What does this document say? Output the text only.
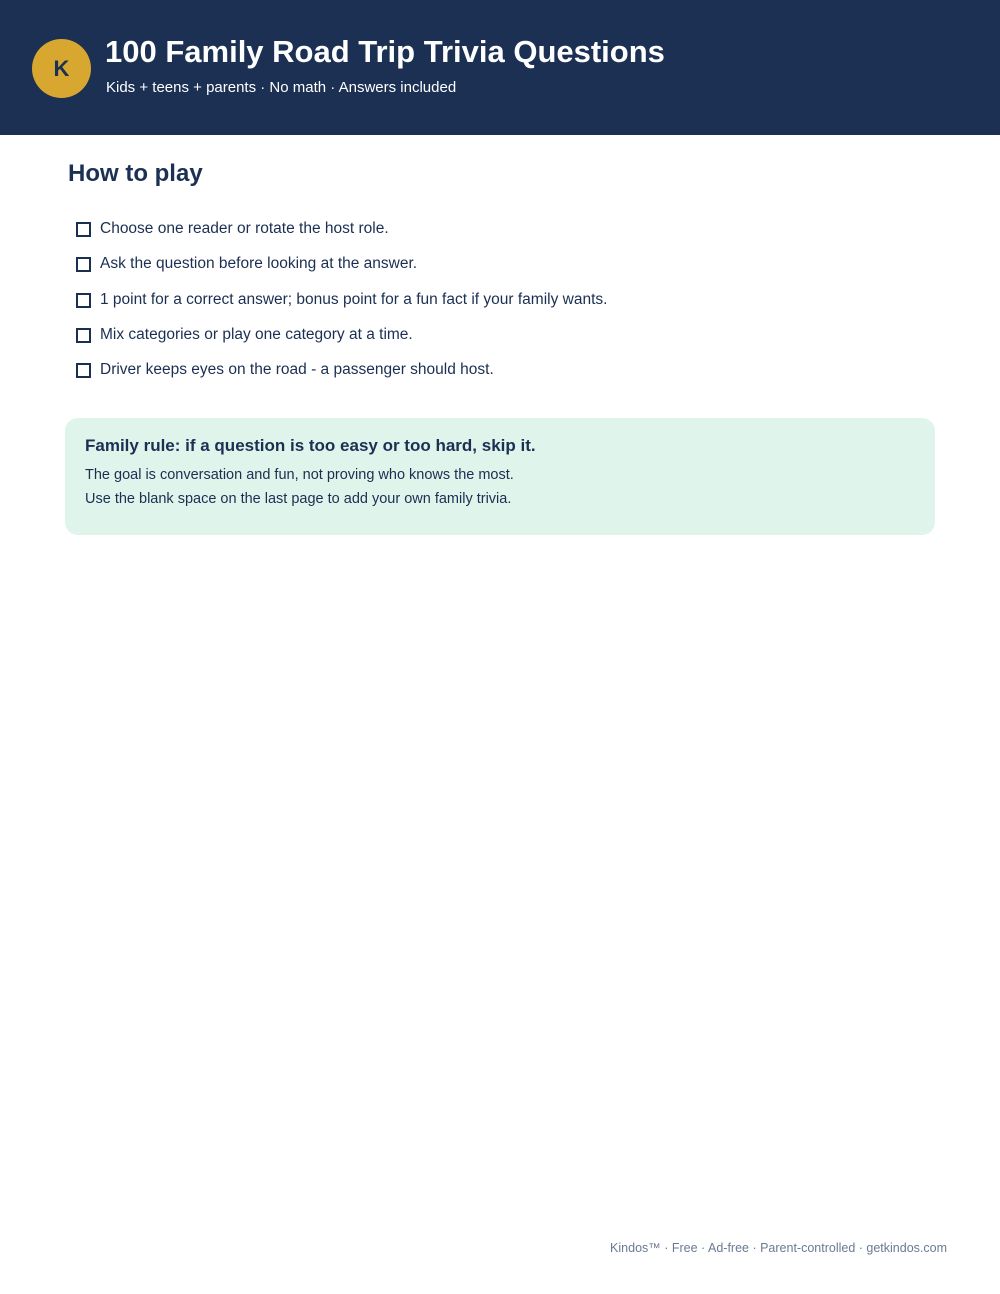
K	100 Family Road Trip Trivia Questions
Kids + teens + parents · No math · Answers included
How to play
Choose one reader or rotate the host role.
Ask the question before looking at the answer.
1 point for a correct answer; bonus point for a fun fact if your family wants.
Mix categories or play one category at a time.
Driver keeps eyes on the road - a passenger should host.
Family rule: if a question is too easy or too hard, skip it.
The goal is conversation and fun, not proving who knows the most.
Use the blank space on the last page to add your own family trivia.
Kindos™ · Free · Ad-free · Parent-controlled · getkindos.com
